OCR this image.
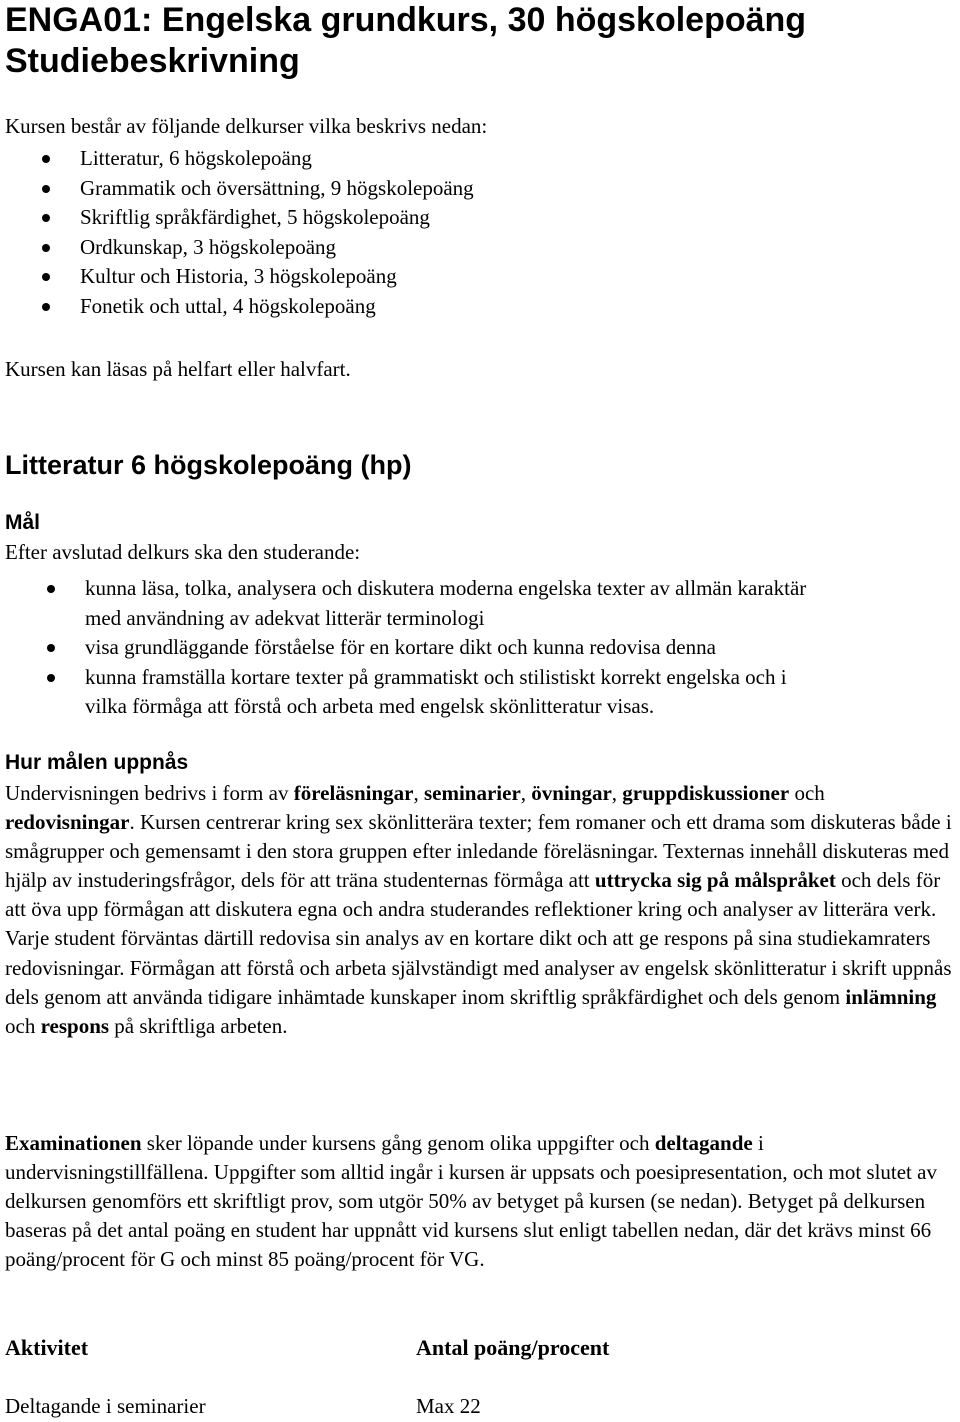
ENGA01: Engelska grundkurs, 30 högskolepoäng
Studiebeskrivning

Kursen består av följande delkurser vilka beskrivs nedan:

Litteratur, 6 högskolepoäng
Grammatik och översättning, 9 högskolepoäng
Skriftlig språkfärdighet, 5 högskolepoäng
Ordkunskap, 3 högskolepoäng
Kultur och Historia, 3 högskolepoäng
Fonetik och uttal, 4 högskolepoäng

Kursen kan läsas på helfart eller halvfart.

Litteratur 6 högskolepoäng (hp)
Mål

Efter avslutad delkurs ska den studerande:

kunna läsa, tolka, analysera och diskutera moderna engelska texter av allmän karaktär
med användning av adekvat litterär terminologi
visa grundläggande förståelse för en kortare dikt och kunna redovisa denna
kunna framställa kortare texter på grammatiskt och stilistiskt korrekt engelska och i
vilka förmåga att förstå och arbeta med engelsk skönlitteratur visas.
Hur målen uppnås

Undervisningen bedrivs i form av föreläsningar, seminarier, övningar, gruppdiskussioner och redovisningar. Kursen centrerar kring sex skönlitterära texter; fem romaner och ett drama som diskuteras både i smågrupper och gemensamt i den stora gruppen efter inledande föreläsningar. Texternas innehåll diskuteras med hjälp av instuderingsfrågor, dels för att träna studenternas förmåga att uttrycka sig på målspråket och dels för att öva upp förmågan att diskutera egna och andra studerandes reflektioner kring och analyser av litterära verk. Varje student förväntas därtill redovisa sin analys av en kortare dikt och att ge respons på sina studiekamraters redovisningar. Förmågan att förstå och arbeta självständigt med analyser av engelsk skönlitteratur i skrift uppnås dels genom att använda tidigare inhämtade kunskaper inom skriftlig språkfärdighet och dels genom inlämning och respons på skriftliga arbeten.

Examinationen sker löpande under kursens gång genom olika uppgifter och deltagande i undervisningstillfällena. Uppgifter som alltid ingår i kursen är uppsats och poesipresentation, och mot slutet av delkursen genomförs ett skriftligt prov, som utgör 50% av betyget på kursen (se nedan). Betyget på delkursen baseras på det antal poäng en student har uppnått vid kursens slut enligt tabellen nedan, där det krävs minst 66 poäng/procent för G och minst 85 poäng/procent för VG.

Aktivitet	Antal poäng/procent
Deltagande i seminarier	Max 22
